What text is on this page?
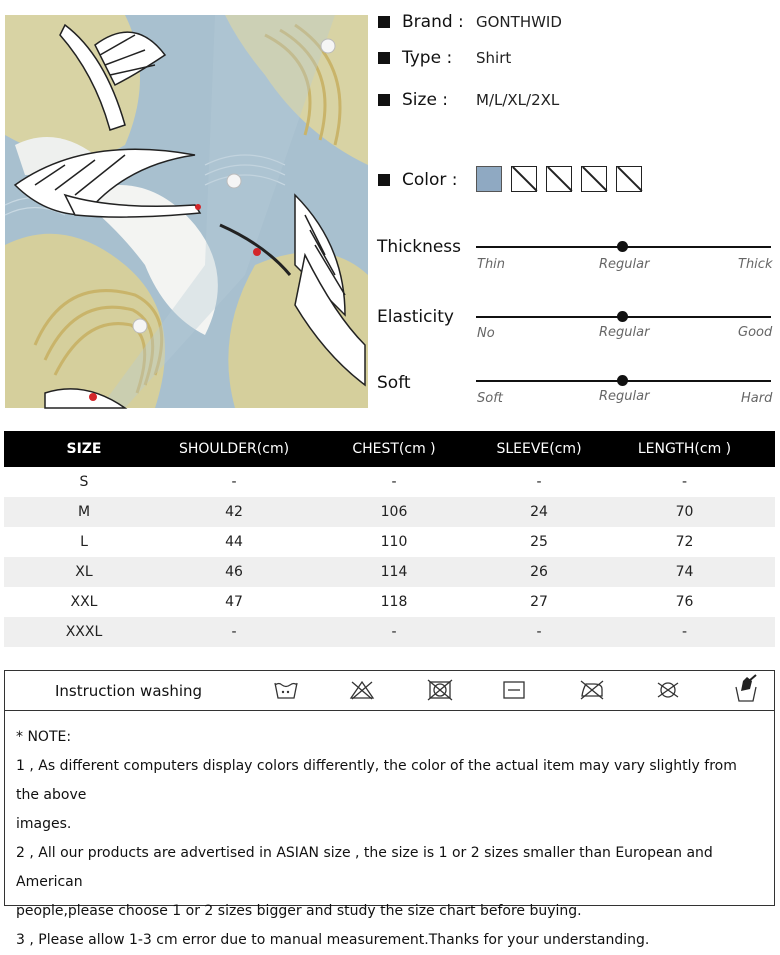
Brand : GONTHWID
Type :	Shirt
Size :	M/L/XL/2XL
Color :
Thickness
Thin	Regular	Thick
Elasticity
No	Regular	Good
Soft
Soft	Regular	Hard
SIZE	SHOULDER(cm)	CHEST(cm )	SLEEVE(cm)	LENGTH(cm )
S	-	-	-	-
M	42	106	24	70
L	44	110	25	72
XL	46	114	26	74
XXL	47	118	27	76
XXXL	-	-	-	-
Instruction washing

* NOTE:

1 , As different computers display colors differently, the color of the actual item may vary slightly from the above

images.

2 , All our products are advertised in ASIAN size , the size is 1 or 2 sizes smaller than European and American

people,please choose 1 or 2 sizes bigger and study the size chart before buying.

3 , Please allow 1-3 cm error due to manual measurement.Thanks for your understanding.
